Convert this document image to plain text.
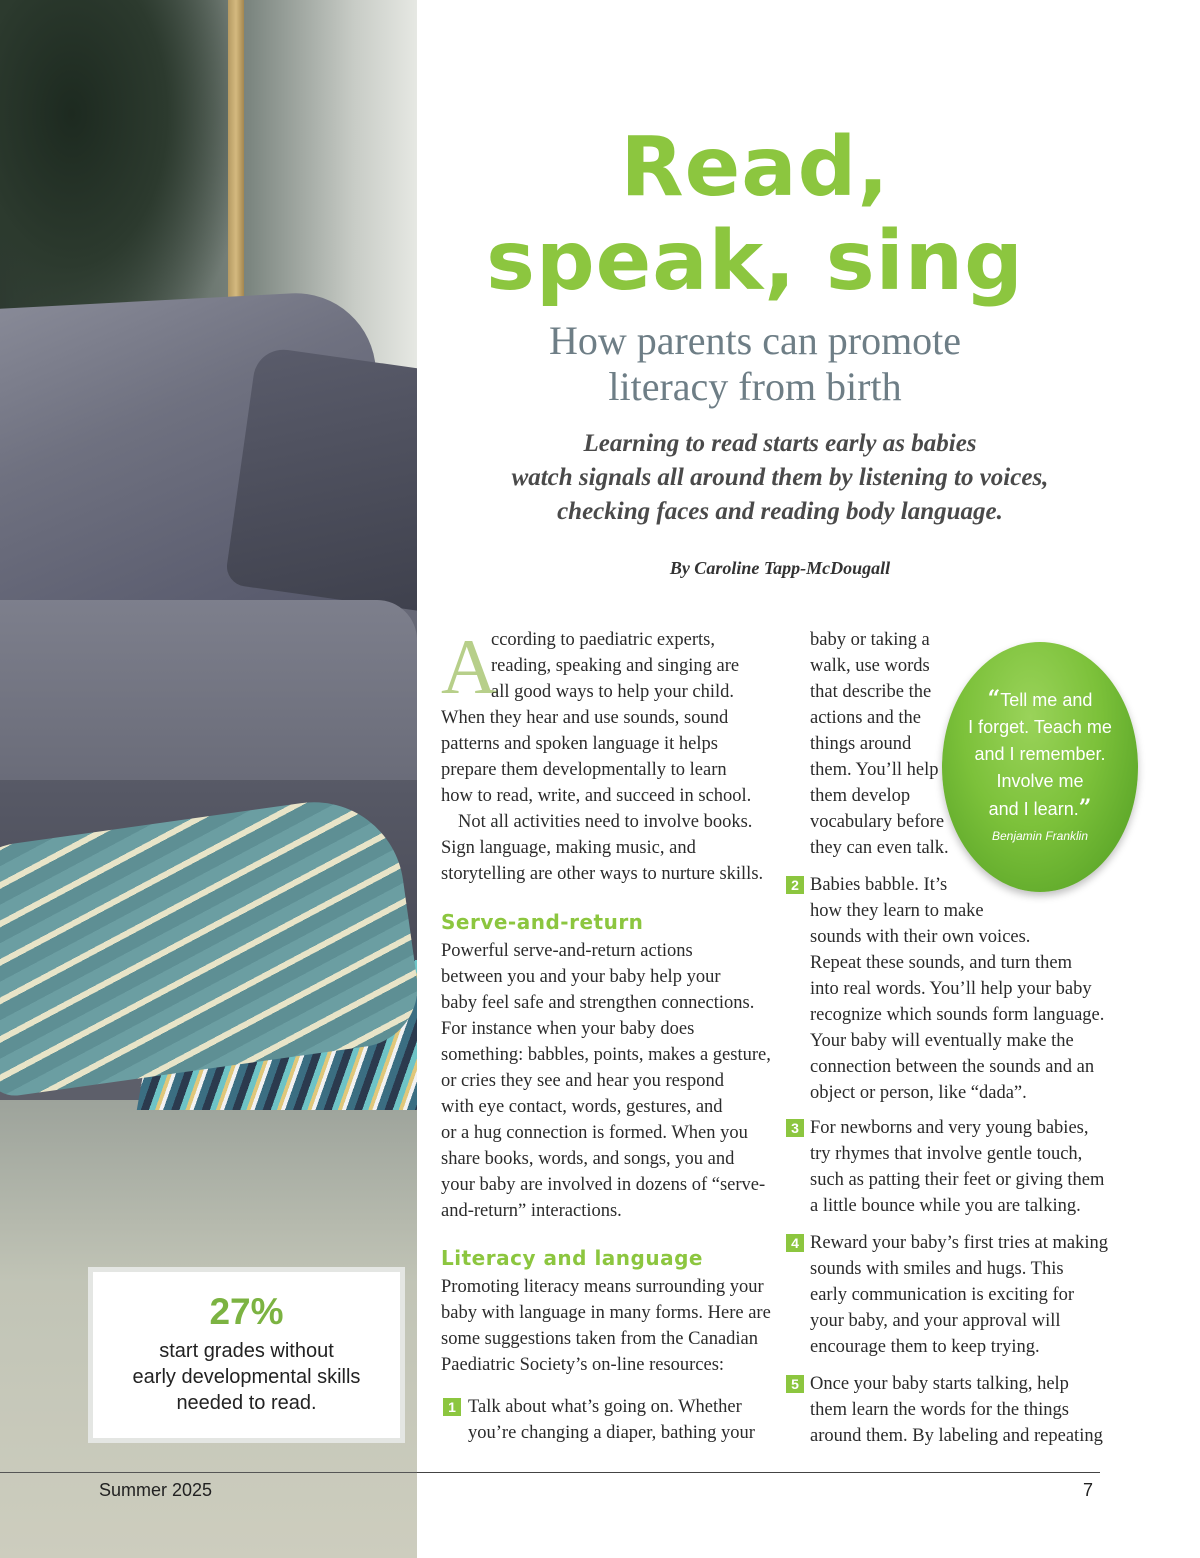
27%
start grades without
early developmental skills
needed to read.
Read,
speak, sing
How parents can promote
literacy from birth
Learning to read starts early as babies
watch signals all around them by listening to voices,
checking faces and reading body language.
By Caroline Tapp-McDougall
A
ccording to paediatric experts,
reading, speaking and singing are
all good ways to help your child.
When they hear and use sounds, sound
patterns and spoken language it helps
prepare them developmentally to learn
how to read, write, and succeed in school.
Not all activities need to involve books.
Sign language, making music, and
storytelling are other ways to nurture skills.
Serve-and-return
Powerful serve-and-return actions
between you and your baby help your
baby feel safe and strengthen connections.
For instance when your baby does
something: babbles, points, makes a gesture,
or cries they see and hear you respond
with eye contact, words, gestures, and
or a hug connection is formed. When you
share books, words, and songs, you and
your baby are involved in dozens of “serve-
and-return” interactions.
Literacy and language
Promoting literacy means surrounding your
baby with language in many forms. Here are
some suggestions taken from the Canadian
Paediatric Society’s on-line resources:
1 Talk about what’s going on. Whether
you’re changing a diaper, bathing your
baby or taking a
walk, use words
that describe the
actions and the
things around
them. You’ll help
them develop
vocabulary before
they can even talk.
2 Babies babble. It’s
how they learn to make
sounds with their own voices.
Repeat these sounds, and turn them
into real words. You’ll help your baby
recognize which sounds form language.
Your baby will eventually make the
connection between the sounds and an
object or person, like “dada”.
3 For newborns and very young babies,
try rhymes that involve gentle touch,
such as patting their feet or giving them
a little bounce while you are talking.
4 Reward your baby’s first tries at making
sounds with smiles and hugs. This
early communication is exciting for
your baby, and your approval will
encourage them to keep trying.
5 Once your baby starts talking, help
them learn the words for the things
around them. By labeling and repeating
“Tell me and
I forget. Teach me
and I remember.
Involve me
and I learn.”
Benjamin Franklin
Summer 2025	7
